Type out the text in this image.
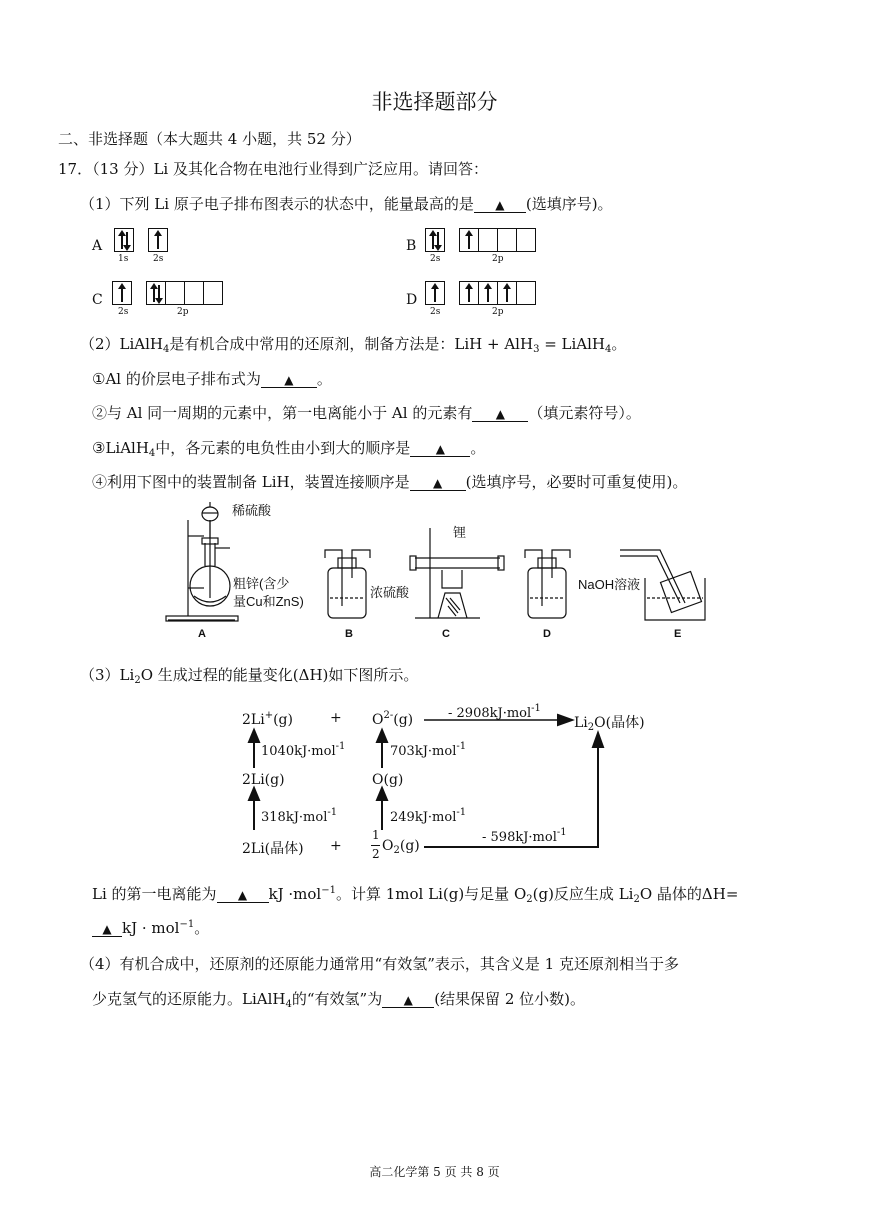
非选择题部分
二、非选择题（本大题共 4 小题，共 52 分）
17．（13 分）Li 及其化合物在电池行业得到广泛应用。请回答：
（1）下列 Li 原子电子排布图表示的状态中，能量最高的是 ▲ (选填序号)。
A
1s	2s
B
2s	2p
C
2s	2p
D
2s	2p
（2）LiAlH$_4$是有机合成中常用的还原剂，制备方法是：LiH + AlH$_3$ = LiAlH$_4$。
①Al 的价层电子排布式为 ▲ 。
②与 Al 同一周期的元素中，第一电离能小于 Al 的元素有 ▲ （填元素符号）。
③LiAlH$_4$中，各元素的电负性由小到大的顺序是 ▲ 。
④利用下图中的装置制备 LiH，装置连接顺序是 ▲ (选填序号，必要时可重复使用)。
稀硫酸
粗锌(含少
量Cu和ZnS)
浓硫酸
锂
NaOH溶液
A	B	C	D	E
$(3)Li_2O$ 生成过程的能量变化(ΔH)如下图所示。
2Li+(g)	+ $O^{2-}(g)$	- 2908kJ·mol$^{-1}$
$Li_2O$(晶体)
1040kJ·mol$^{-1}$	703kJ·mol$^{-1}$
2Li(g)	O(g)
318kJ·mol$^{-1}$	249kJ·mol$^{-1}$
2Li(晶体) +
1
2 $O_2(g)$
- 598kJ·mol$^{-1}$
Li 的第一电离能为 ▲ kJ ·mol$^{-1}$。计算 1mol Li(g)与足量 $O_2(g)$反应生成 $Li_2O$ 晶体的ΔH=
▲ kJ · mol$^{-1}$。
（4）有机合成中，还原剂的还原能力通常用“有效氢”表示，其含义是 1 克还原剂相当于多
少克氢气的还原能力。LiAlH$_4$的“有效氢”为 ▲ (结果保留 2 位小数)。
高二化学第 5 页 共 8 页
